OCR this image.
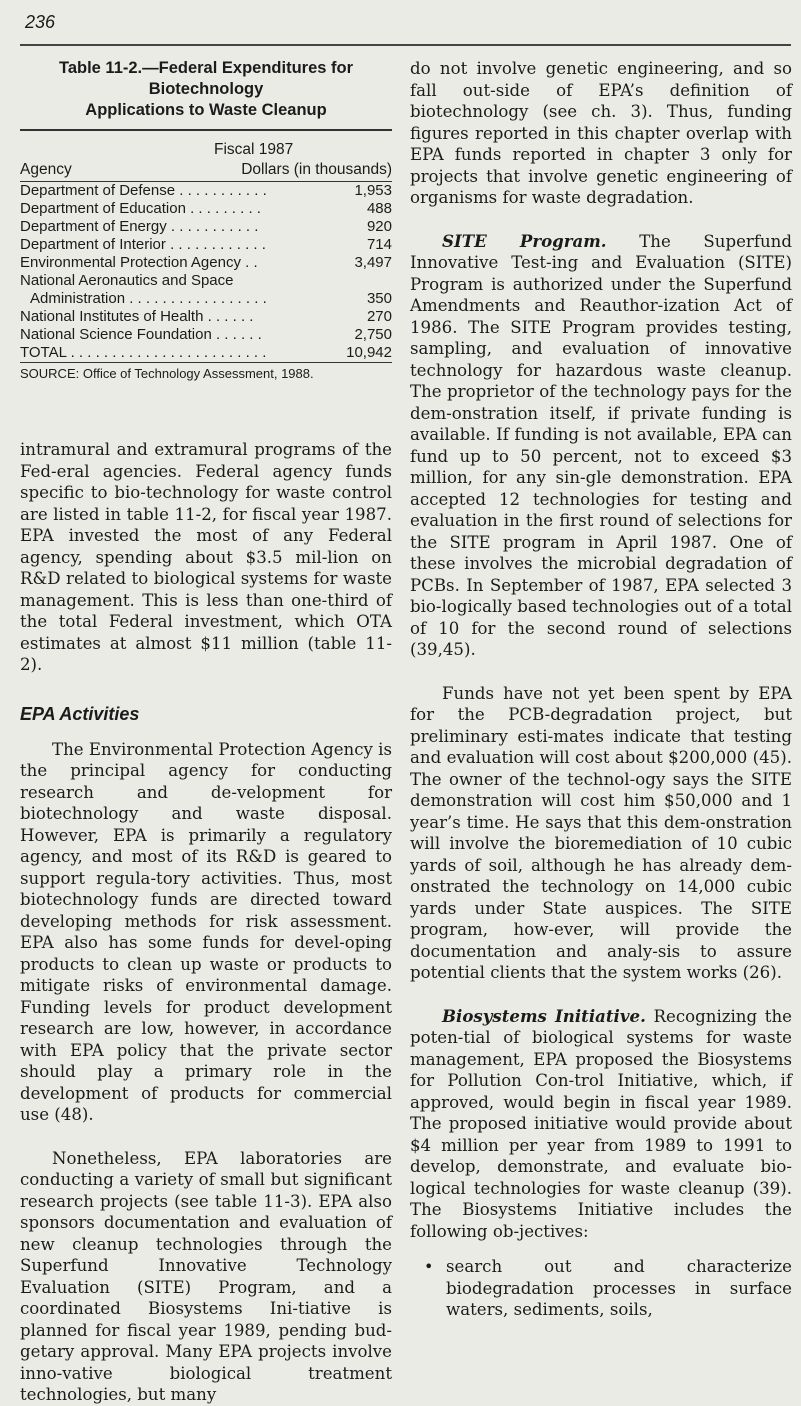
236
Table 11-2.—Federal Expenditures for Biotechnology
Applications to Waste Cleanup
Fiscal 1987
Agency	Dollars (in thousands)
Department of Defense . . . . . . . . . . .	1,953
Department of Education . . . . . . . . .	488
Department of Energy . . . . . . . . . . .	920
Department of Interior . . . . . . . . . . . .	714
Environmental Protection Agency . .	3,497
National Aeronautics and Space	
Administration . . . . . . . . . . . . . . . . .	350
National Institutes of Health . . . . . .	270
National Science Foundation . . . . . .	2,750
TOTAL . . . . . . . . . . . . . . . . . . . . . . . .	10,942
SOURCE: Office of Technology Assessment, 1988.

intramural and extramural programs of the Fed-eral agencies. Federal agency funds specific to bio-technology for waste control are listed in table 11-2, for fiscal year 1987. EPA invested the most of any Federal agency, spending about $3.5 mil-lion on R&D related to biological systems for waste management. This is less than one-third of the total Federal investment, which OTA estimates at almost $11 million (table 11-2).

EPA Activities

The Environmental Protection Agency is the principal agency for conducting research and de-velopment for biotechnology and waste disposal. However, EPA is primarily a regulatory agency, and most of its R&D is geared to support regula-tory activities. Thus, most biotechnology funds are directed toward developing methods for risk assessment. EPA also has some funds for devel-oping products to clean up waste or products to mitigate risks of environmental damage. Funding levels for product development research are low, however, in accordance with EPA policy that the private sector should play a primary role in the development of products for commercial use (48).

Nonetheless, EPA laboratories are conducting a variety of small but significant research projects (see table 11-3). EPA also sponsors documentation and evaluation of new cleanup technologies through the Superfund Innovative Technology Evaluation (SITE) Program, and a coordinated Biosystems Ini-tiative is planned for fiscal year 1989, pending bud-getary approval. Many EPA projects involve inno-vative biological treatment technologies, but many

do not involve genetic engineering, and so fall out-side of EPA’s definition of biotechnology (see ch. 3). Thus, funding figures reported in this chapter overlap with EPA funds reported in chapter 3 only for projects that involve genetic engineering of organisms for waste degradation.

SITE Program. The Superfund Innovative Test-ing and Evaluation (SITE) Program is authorized under the Superfund Amendments and Reauthor-ization Act of 1986. The SITE Program provides testing, sampling, and evaluation of innovative technology for hazardous waste cleanup. The proprietor of the technology pays for the dem-onstration itself, if private funding is available. If funding is not available, EPA can fund up to 50 percent, not to exceed $3 million, for any sin-gle demonstration. EPA accepted 12 technologies for testing and evaluation in the first round of selections for the SITE program in April 1987. One of these involves the microbial degradation of PCBs. In September of 1987, EPA selected 3 bio-logically based technologies out of a total of 10 for the second round of selections (39,45).

Funds have not yet been spent by EPA for the PCB-degradation project, but preliminary esti-mates indicate that testing and evaluation will cost about $200,000 (45). The owner of the technol-ogy says the SITE demonstration will cost him $50,000 and 1 year’s time. He says that this dem-onstration will involve the bioremediation of 10 cubic yards of soil, although he has already dem-onstrated the technology on 14,000 cubic yards under State auspices. The SITE program, how-ever, will provide the documentation and analy-sis to assure potential clients that the system works (26).

Biosystems Initiative. Recognizing the poten-tial of biological systems for waste management, EPA proposed the Biosystems for Pollution Con-trol Initiative, which, if approved, would begin in fiscal year 1989. The proposed initiative would provide about $4 million per year from 1989 to 1991 to develop, demonstrate, and evaluate bio-logical technologies for waste cleanup (39). The Biosystems Initiative includes the following ob-jectives:

• search out and characterize biodegradation processes in surface waters, sediments, soils,
